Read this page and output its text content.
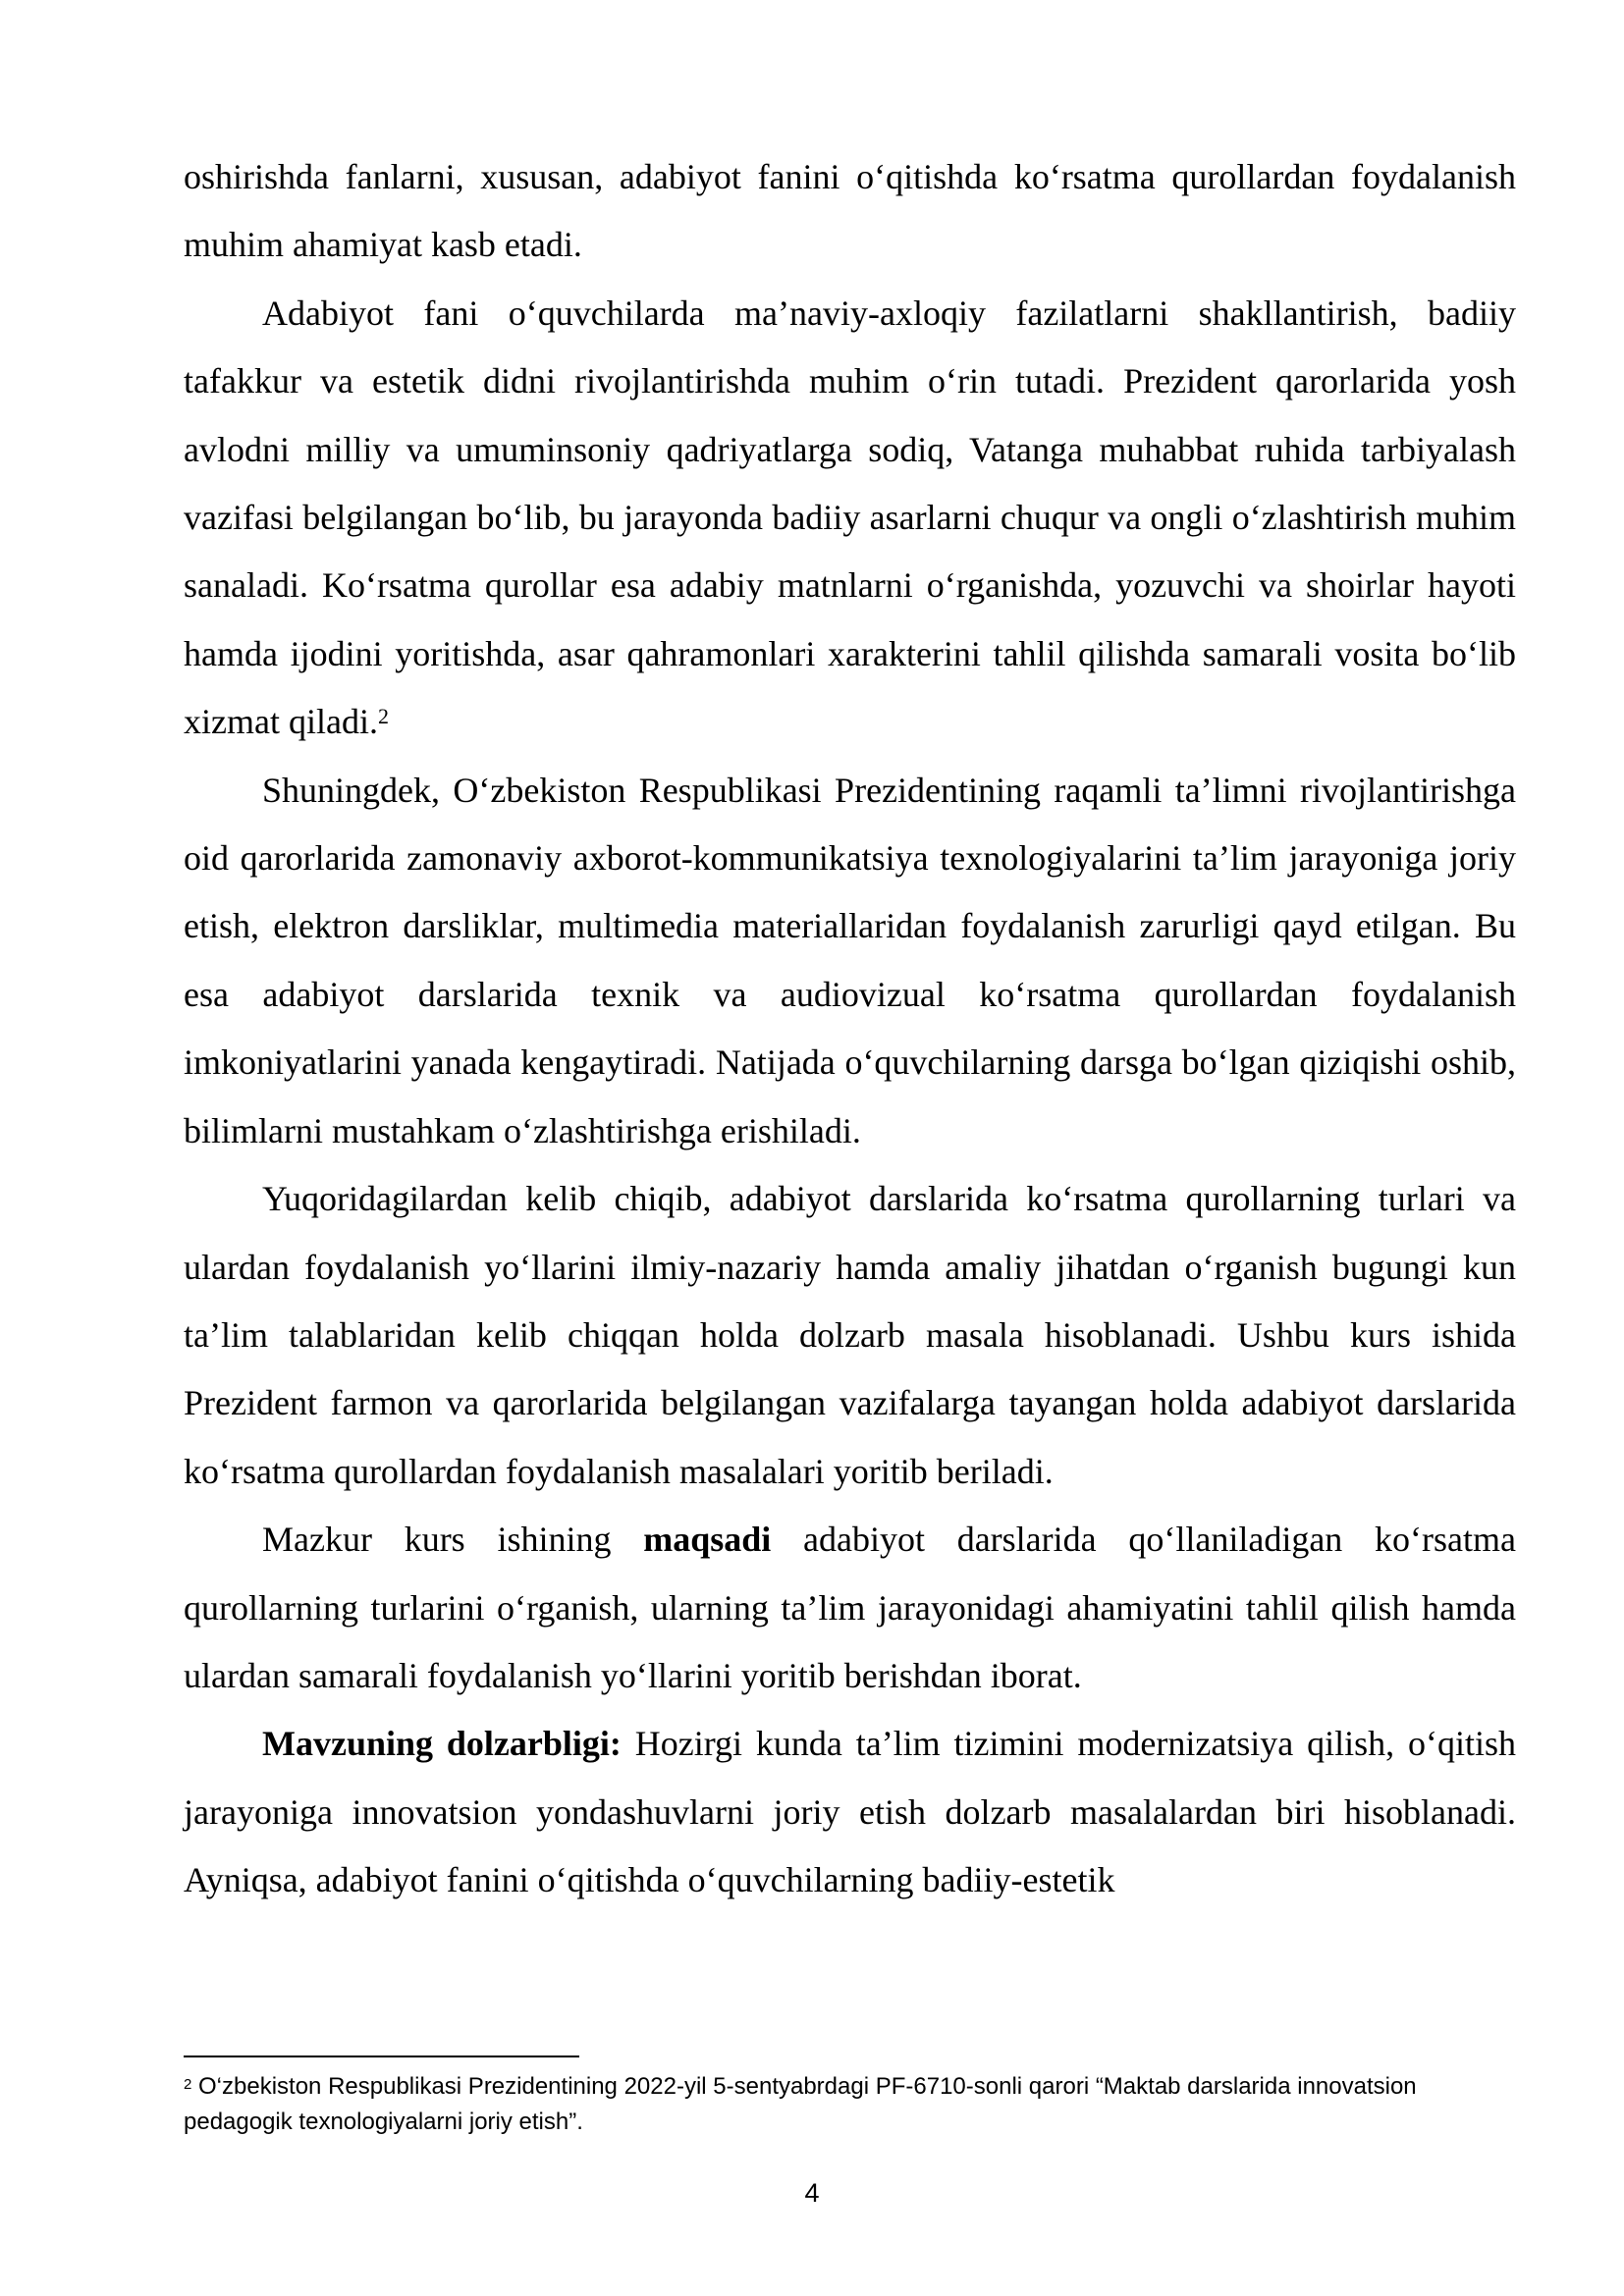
oshirishda fanlarni, xususan, adabiyot fanini o‘qitishda ko‘rsatma qurollardan foydalanish muhim ahamiyat kasb etadi.

Adabiyot fani o‘quvchilarda ma’naviy-axloqiy fazilatlarni shakllantirish, badiiy tafakkur va estetik didni rivojlantirishda muhim o‘rin tutadi. Prezident qarorlarida yosh avlodni milliy va umuminsoniy qadriyatlarga sodiq, Vatanga muhabbat ruhida tarbiyalash vazifasi belgilangan bo‘lib, bu jarayonda badiiy asarlarni chuqur va ongli o‘zlashtirish muhim sanaladi. Ko‘rsatma qurollar esa adabiy matnlarni o‘rganishda, yozuvchi va shoirlar hayoti hamda ijodini yoritishda, asar qahramonlari xarakterini tahlil qilishda samarali vosita bo‘lib xizmat qiladi.$^2$

Shuningdek, O‘zbekiston Respublikasi Prezidentining raqamli ta’limni rivojlantirishga oid qarorlarida zamonaviy axborot-kommunikatsiya texnologiyalarini ta’lim jarayoniga joriy etish, elektron darsliklar, multimedia materiallaridan foydalanish zarurligi qayd etilgan. Bu esa adabiyot darslarida texnik va audiovizual ko‘rsatma qurollardan foydalanish imkoniyatlarini yanada kengaytiradi. Natijada o‘quvchilarning darsga bo‘lgan qiziqishi oshib, bilimlarni mustahkam o‘zlashtirishga erishiladi.

Yuqoridagilardan kelib chiqib, adabiyot darslarida ko‘rsatma qurollarning turlari va ulardan foydalanish yo‘llarini ilmiy-nazariy hamda amaliy jihatdan o‘rganish bugungi kun ta’lim talablaridan kelib chiqqan holda dolzarb masala hisoblanadi. Ushbu kurs ishida Prezident farmon va qarorlarida belgilangan vazifalarga tayangan holda adabiyot darslarida ko‘rsatma qurollardan foydalanish masalalari yoritib beriladi.

Mazkur kurs ishining maqsadi adabiyot darslarida qo‘llaniladigan ko‘rsatma qurollarning turlarini o‘rganish, ularning ta’lim jarayonidagi ahamiyatini tahlil qilish hamda ulardan samarali foydalanish yo‘llarini yoritib berishdan iborat.

Mavzuning dolzarbligi: Hozirgi kunda ta’lim tizimini modernizatsiya qilish, o‘qitish jarayoniga innovatsion yondashuvlarni joriy etish dolzarb masalalardan biri hisoblanadi. Ayniqsa, adabiyot fanini o‘qitishda o‘quvchilarning badiiy-estetik

$^2$ O‘zbekiston Respublikasi Prezidentining 2022-yil 5-sentyabrdagi PF-6710-sonli qarori “Maktab darslarida innovatsion pedagogik texnologiyalarni joriy etish”.
4
